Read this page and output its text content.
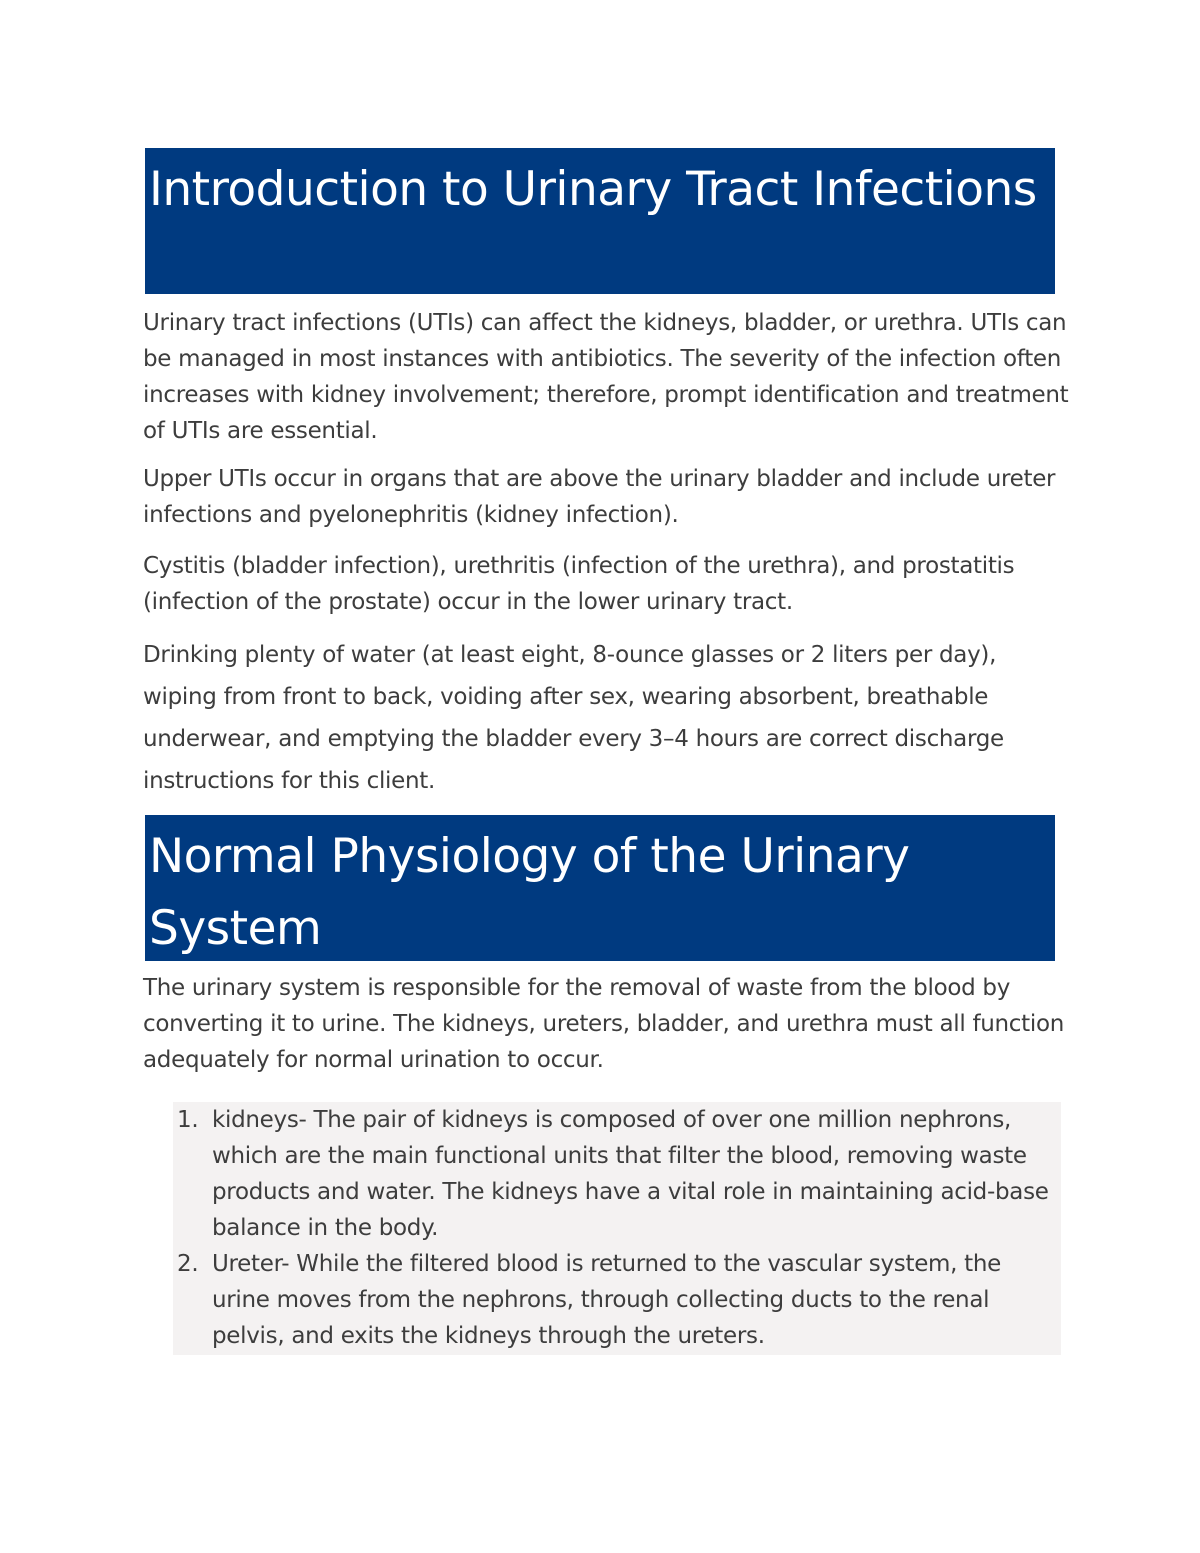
Introduction to Urinary Tract Infections

Urinary tract infections (UTIs) can affect the kidneys, bladder, or urethra. UTIs can be managed in most instances with antibiotics. The severity of the infection often increases with kidney involvement; therefore, prompt identification and treatment of UTIs are essential.

Upper UTIs occur in organs that are above the urinary bladder and include ureter infections and pyelonephritis (kidney infection).

Cystitis (bladder infection), urethritis (infection of the urethra), and prostatitis (infection of the prostate) occur in the lower urinary tract.

Drinking plenty of water (at least eight, 8-ounce glasses or 2 liters per day), wiping from front to back, voiding after sex, wearing absorbent, breathable underwear, and emptying the bladder every 3–4 hours are correct discharge instructions for this client.

Normal Physiology of the Urinary System

The urinary system is responsible for the removal of waste from the blood by converting it to urine. The kidneys, ureters, bladder, and urethra must all function adequately for normal urination to occur.

1. kidneys- The pair of kidneys is composed of over one million nephrons, which are the main functional units that filter the blood, removing waste products and water. The kidneys have a vital role in maintaining acid-base balance in the body.
2. Ureter- While the filtered blood is returned to the vascular system, the urine moves from the nephrons, through collecting ducts to the renal pelvis, and exits the kidneys through the ureters.
